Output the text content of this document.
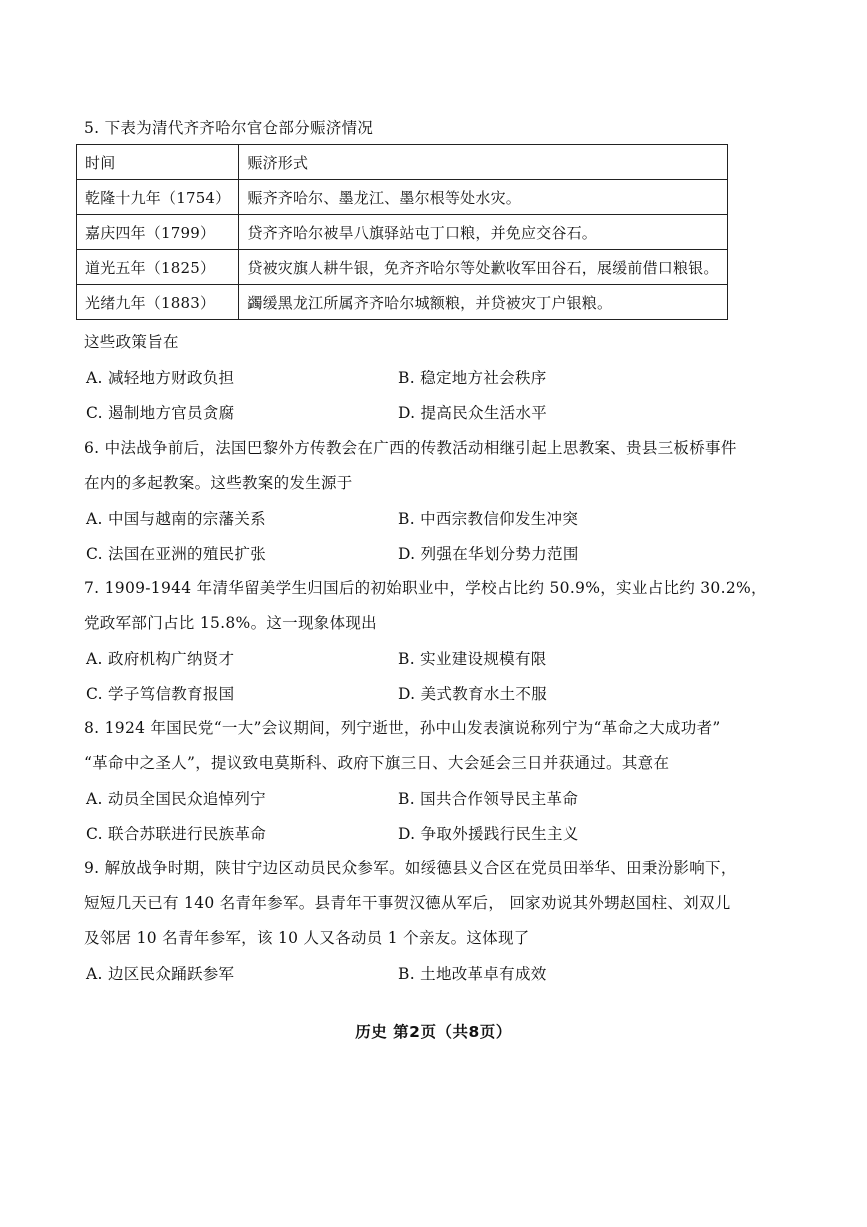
5. 下表为清代齐齐哈尔官仓部分赈济情况
时间	赈济形式
乾隆十九年（1754）	赈齐齐哈尔、墨龙江、墨尔根等处水灾。
嘉庆四年（1799）	贷齐齐哈尔被旱八旗驿站屯丁口粮，并免应交谷石。
道光五年（1825）	贷被灾旗人耕牛银，免齐齐哈尔等处歉收军田谷石，展缓前借口粮银。
光绪九年（1883）	蠲缓黑龙江所属齐齐哈尔城额粮，并贷被灾丁户银粮。
这些政策旨在
A. 减轻地方财政负担	B. 稳定地方社会秩序
C. 遏制地方官员贪腐	D. 提高民众生活水平
6. 中法战争前后，法国巴黎外方传教会在广西的传教活动相继引起上思教案、贵县三板桥事件
在内的多起教案。这些教案的发生源于
A. 中国与越南的宗藩关系	B. 中西宗教信仰发生冲突
C. 法国在亚洲的殖民扩张	D. 列强在华划分势力范围
7. 1909-1944 年清华留美学生归国后的初始职业中，学校占比约 50.9%，实业占比约 30.2%，
党政军部门占比 15.8%。这一现象体现出
A. 政府机构广纳贤才	B. 实业建设规模有限
C. 学子笃信教育报国	D. 美式教育水土不服
8. 1924 年国民党“一大”会议期间，列宁逝世，孙中山发表演说称列宁为“革命之大成功者”
“革命中之圣人”，提议致电莫斯科、政府下旗三日、大会延会三日并获通过。其意在
A. 动员全国民众追悼列宁	B. 国共合作领导民主革命
C. 联合苏联进行民族革命	D. 争取外援践行民生主义
9. 解放战争时期，陕甘宁边区动员民众参军。如绥德县义合区在党员田举华、田秉汾影响下，
短短几天已有 140 名青年参军。县青年干事贺汉德从军后， 回家劝说其外甥赵国柱、刘双儿
及邻居 10 名青年参军，该 10 人又各动员 1 个亲友。这体现了
A. 边区民众踊跃参军	B. 土地改革卓有成效
历史 第2页（共8页）
